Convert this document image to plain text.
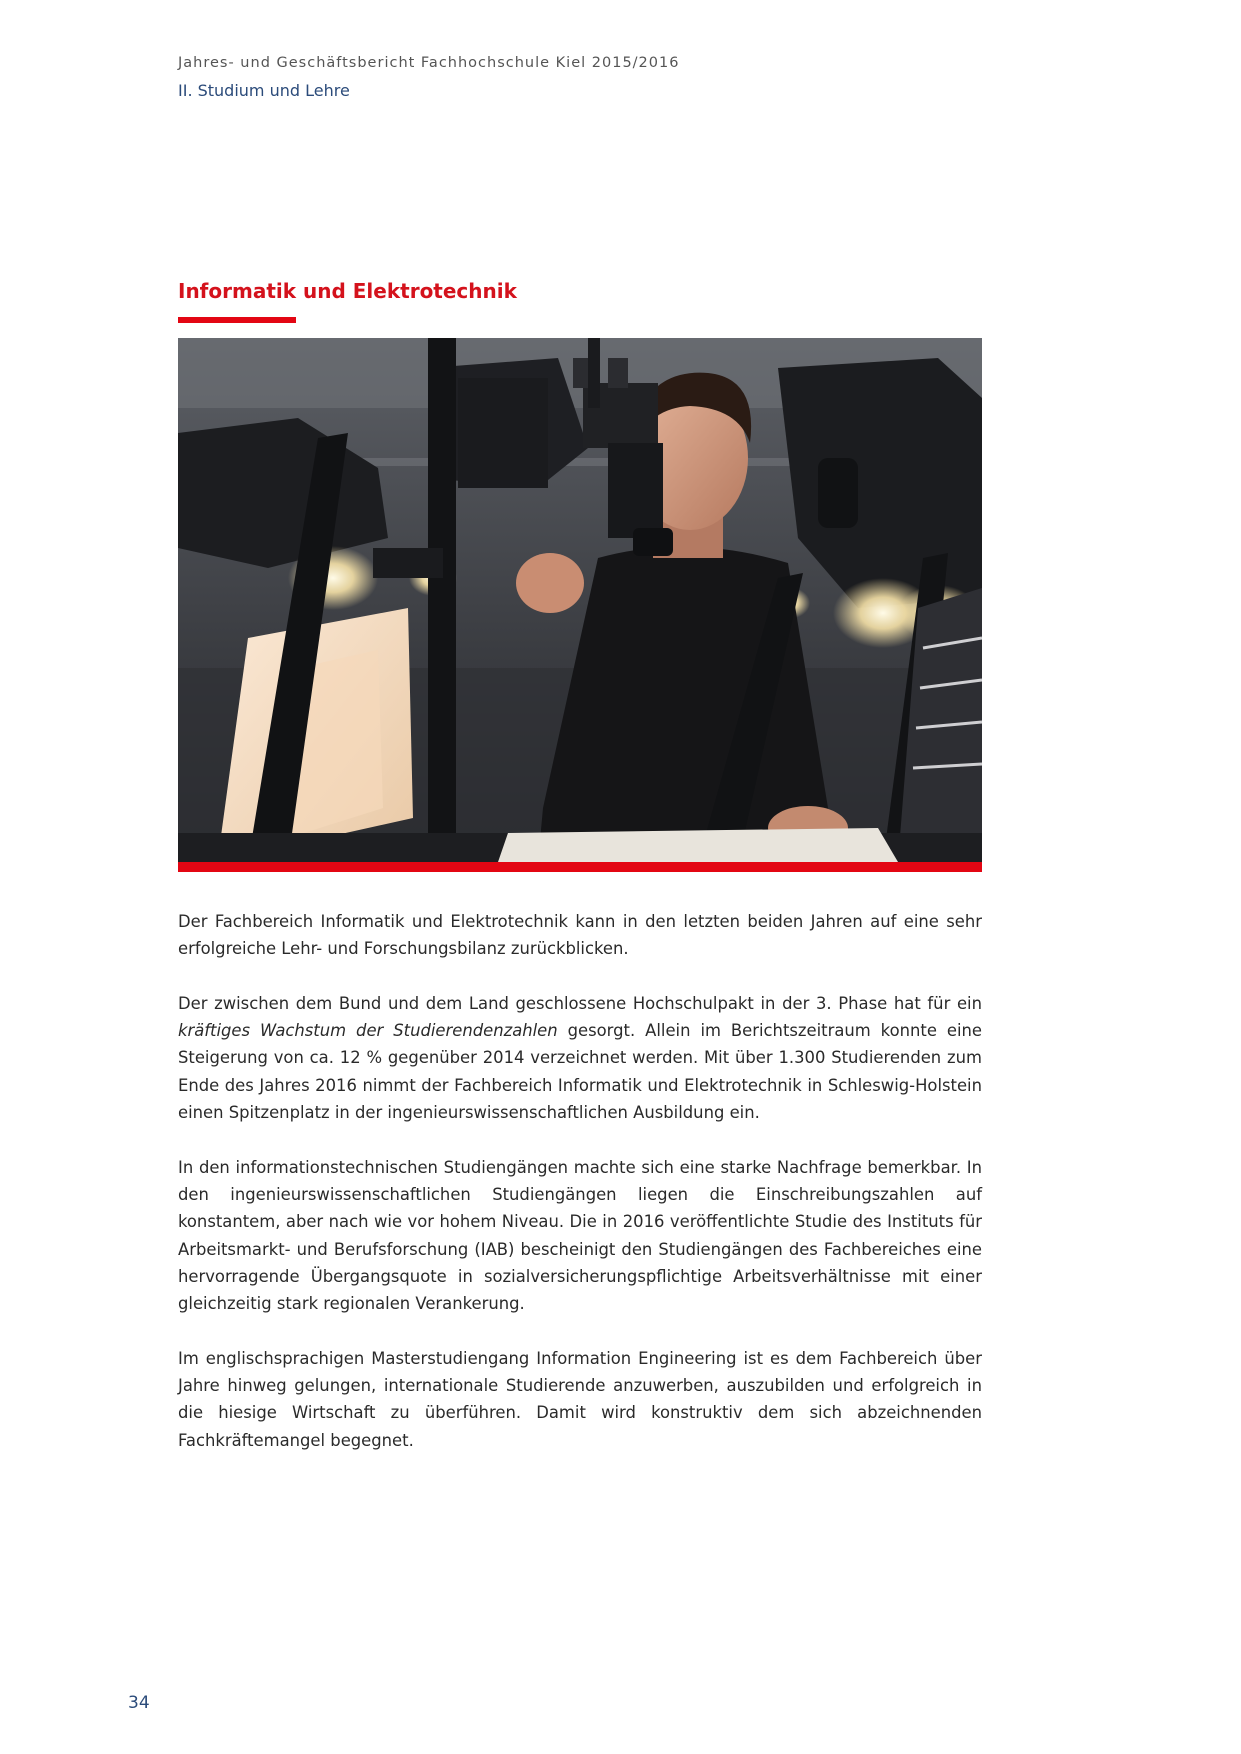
Jahres- und Geschäftsbericht Fachhochschule Kiel 2015/2016
II. Studium und Lehre
Informatik und Elektrotechnik

Der Fachbereich Informatik und Elektrotechnik kann in den letzten beiden Jahren auf eine sehr erfolgreiche Lehr- und Forschungsbilanz zurückblicken.

Der zwischen dem Bund und dem Land geschlossene Hochschulpakt in der 3. Phase hat für ein kräftiges Wachstum der Studierendenzahlen gesorgt. Allein im Berichtszeitraum konnte eine Steigerung von ca. 12 % gegenüber 2014 verzeichnet werden. Mit über 1.300 Studierenden zum Ende des Jahres 2016 nimmt der Fachbereich Informatik und Elektrotechnik in Schleswig-Holstein einen Spitzenplatz in der ingenieurswissenschaftlichen Ausbildung ein.

In den informationstechnischen Studiengängen machte sich eine starke Nachfrage bemerkbar. In den ingenieurswissenschaftlichen Studiengängen liegen die Einschreibungszahlen auf konstantem, aber nach wie vor hohem Niveau. Die in 2016 veröffentlichte Studie des Instituts für Arbeitsmarkt- und Berufsforschung (IAB) bescheinigt den Studiengängen des Fachbereiches eine hervorragende Übergangsquote in sozialversicherungspflichtige Arbeitsverhältnisse mit einer gleichzeitig stark regionalen Verankerung.

Im englischsprachigen Masterstudiengang Information Engineering ist es dem Fachbereich über Jahre hinweg gelungen, internationale Studierende anzuwerben, auszubilden und erfolgreich in die hiesige Wirtschaft zu überführen. Damit wird konstruktiv dem sich abzeichnenden Fachkräftemangel begegnet.

34
